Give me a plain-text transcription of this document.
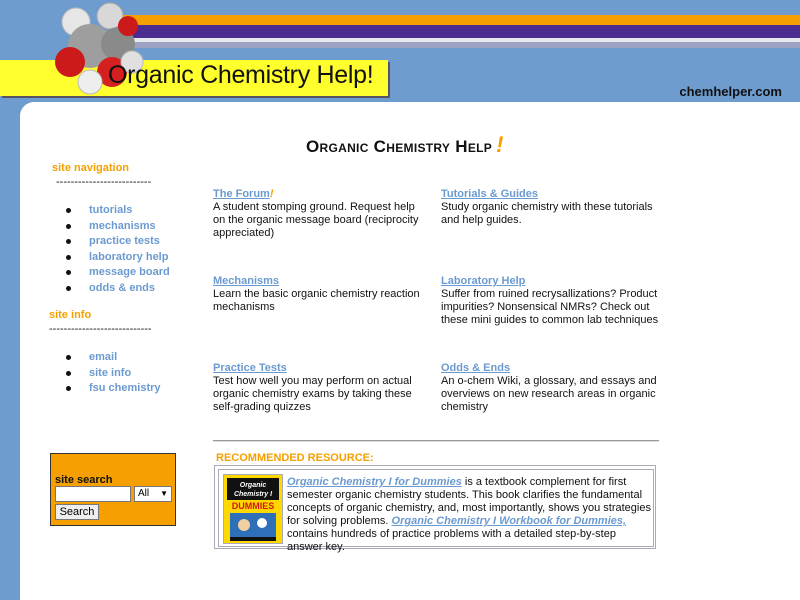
Organic Chemistry Help!
chemhelper.com
Organic Chemistry Help !
site navigation
--------------------------
tutorials
mechanisms
practice tests
laboratory help
message board
odds & ends
site info
----------------------------
email
site info
fsu chemistry
site search
All ▼
Search
The Forum!
A student stomping ground. Request help on the organic message board (reciprocity appreciated)
Tutorials & Guides
Study organic chemistry with these tutorials and help guides.
Mechanisms
Learn the basic organic chemistry reaction mechanisms
Laboratory Help
Suffer from ruined recrysallizations? Product impurities? Nonsensical NMRs? Check out these mini guides to common lab techniques
Practice Tests
Test how well you may perform on actual organic chemistry exams by taking these self-grading quizzes
Odds & Ends
An o-chem Wiki, a glossary, and essays and overviews on new research areas in organic chemistry
RECOMMENDED RESOURCE:
Organic
Chemistry I
DUMMIES
Organic Chemistry I for Dummies is a textbook complement for first semester organic chemistry students. This book clarifies the fundamental concepts of organic chemistry, and, most importantly, shows you strategies for solving problems. Organic Chemistry I Workbook for Dummies, contains hundreds of practice problems with a detailed step-by-step answer key.
